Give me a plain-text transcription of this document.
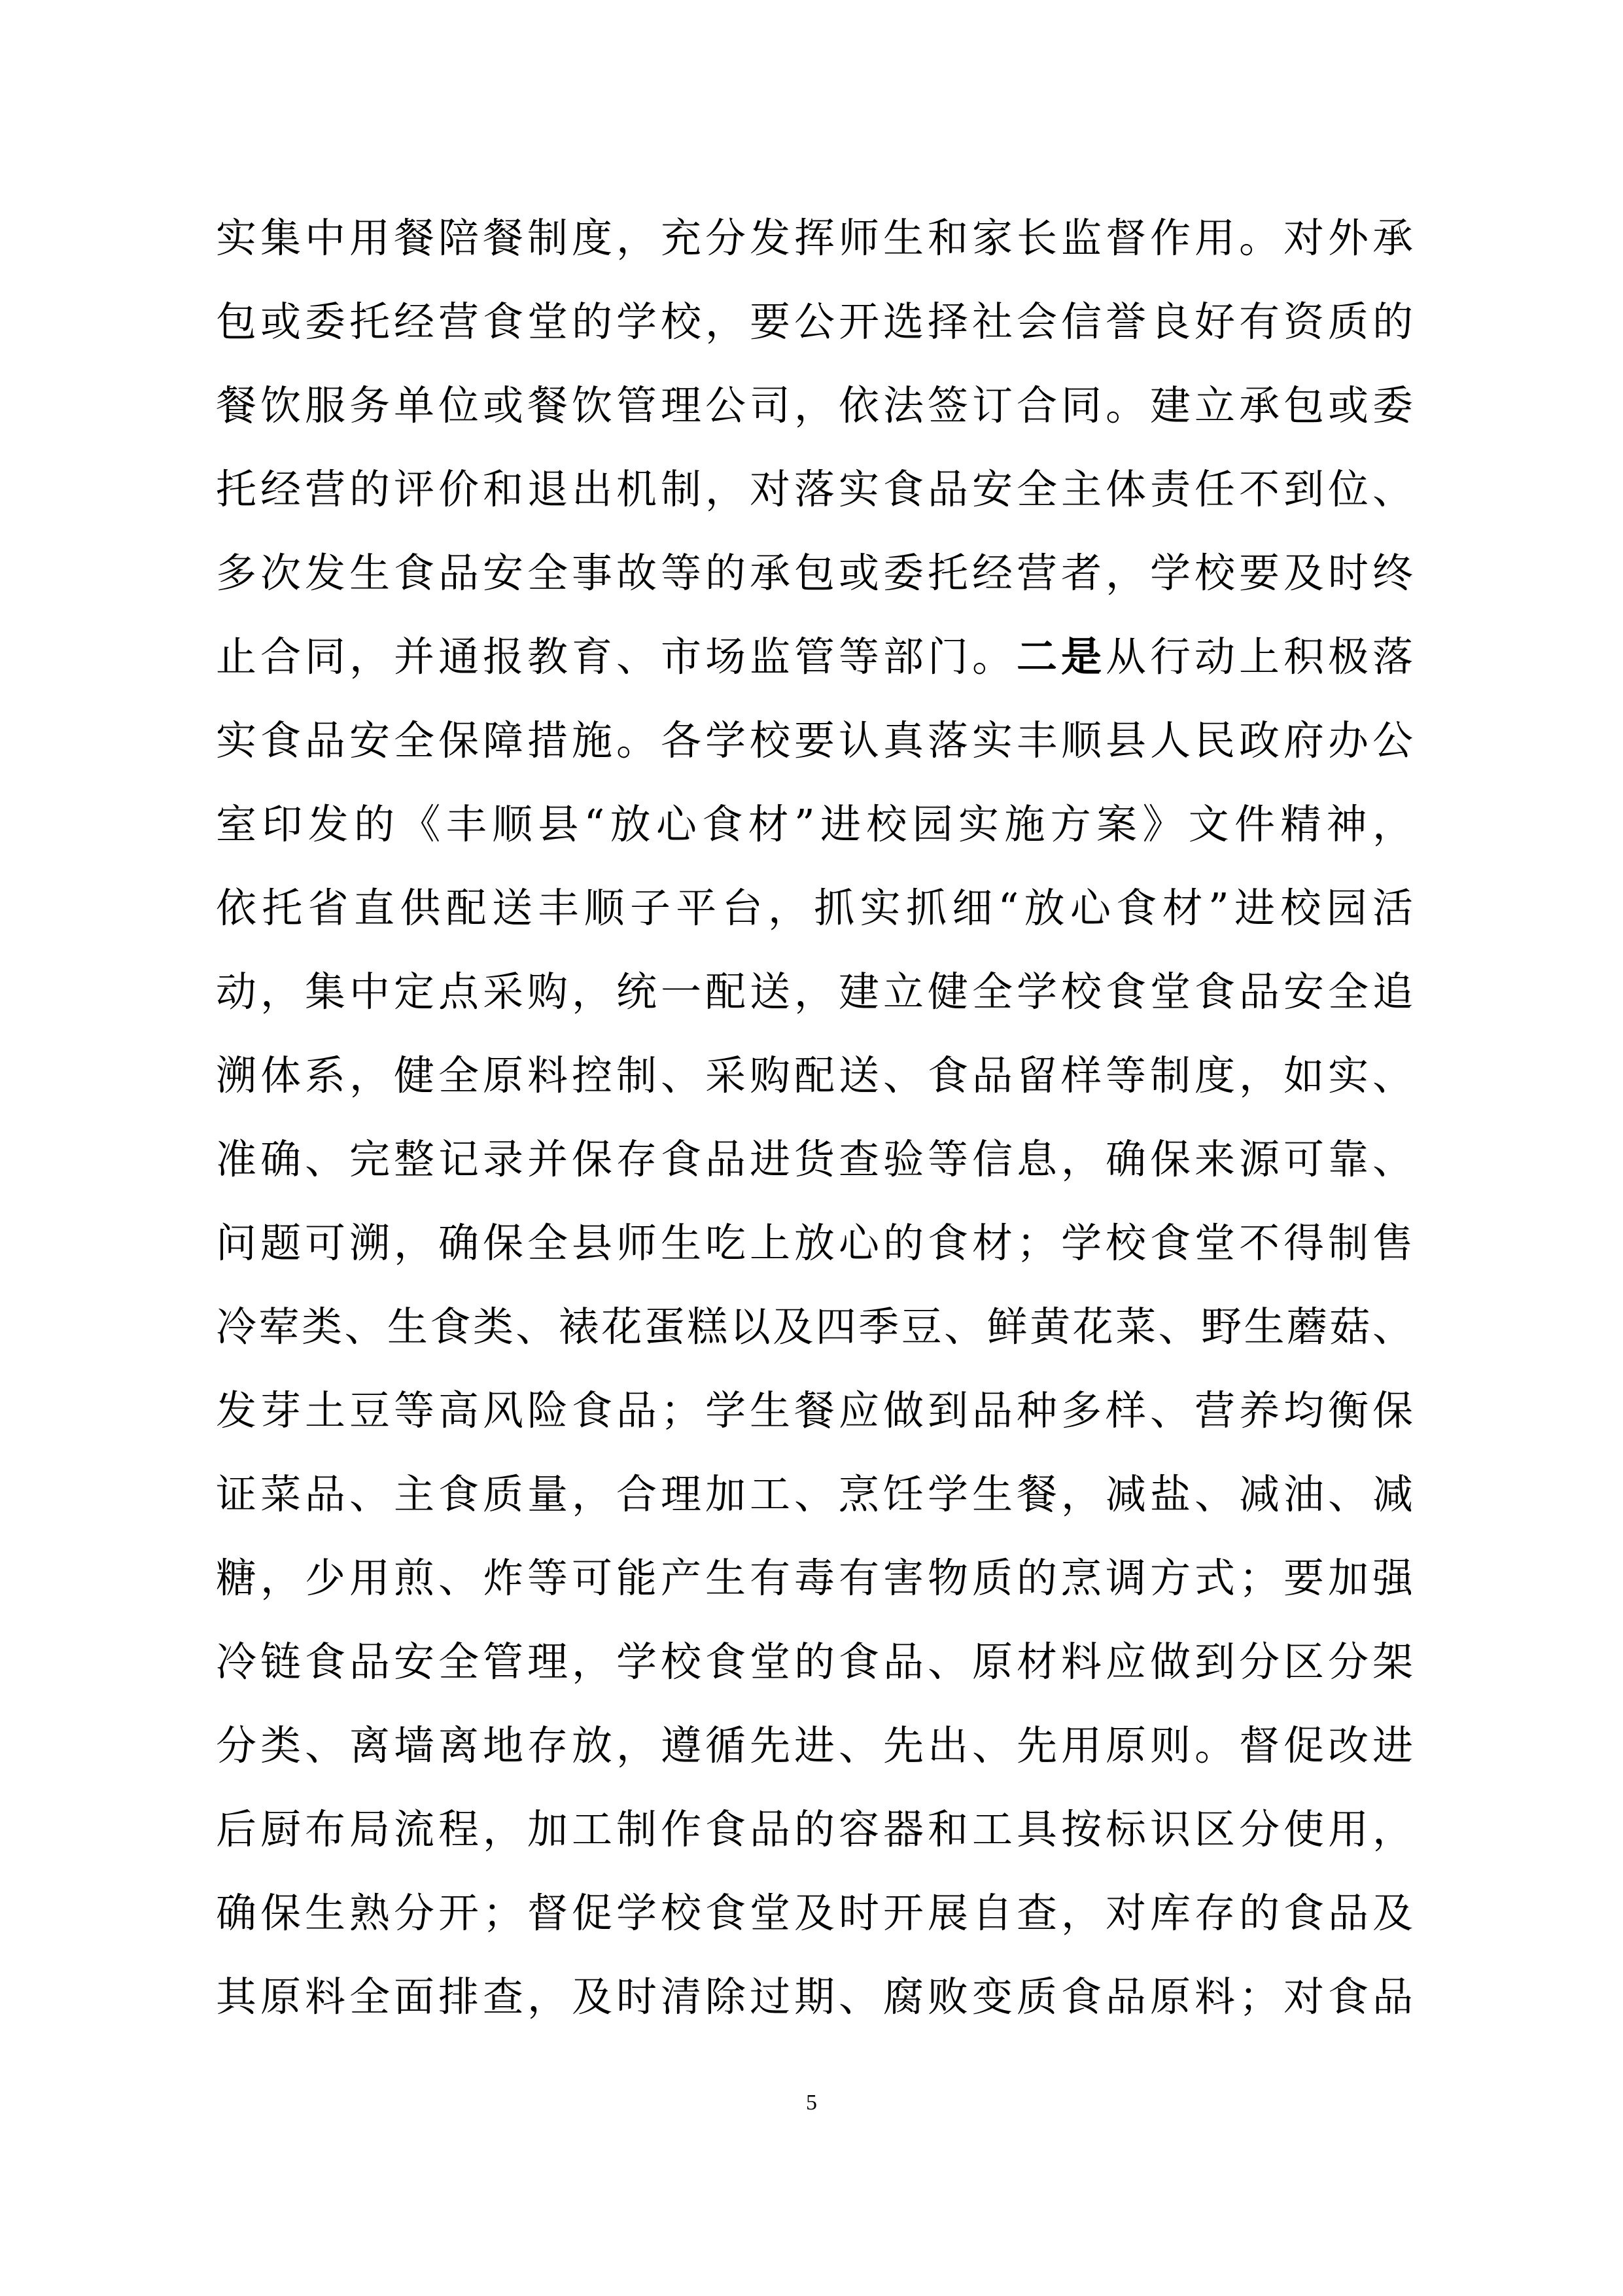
实集中用餐陪餐制度，充分发挥师生和家长监督作用。对外承
包或委托经营食堂的学校，要公开选择社会信誉良好有资质的
餐饮服务单位或餐饮管理公司，依法签订合同。建立承包或委
托经营的评价和退出机制，对落实食品安全主体责任不到位、
多次发生食品安全事故等的承包或委托经营者，学校要及时终
止合同，并通报教育、市场监管等部门。二是从行动上积极落
实食品安全保障措施。各学校要认真落实丰顺县人民政府办公
室印发的《丰顺县“放心食材”进校园实施方案》文件精神，
依托省直供配送丰顺子平台，抓实抓细“放心食材”进校园活
动，集中定点采购，统一配送，建立健全学校食堂食品安全追
溯体系，健全原料控制、采购配送、食品留样等制度，如实、
准确、完整记录并保存食品进货查验等信息，确保来源可靠、
问题可溯，确保全县师生吃上放心的食材；学校食堂不得制售
冷荤类、生食类、裱花蛋糕以及四季豆、鲜黄花菜、野生蘑菇、
发芽土豆等高风险食品；学生餐应做到品种多样、营养均衡保
证菜品、主食质量，合理加工、烹饪学生餐，减盐、减油、减
糖，少用煎、炸等可能产生有毒有害物质的烹调方式；要加强
冷链食品安全管理，学校食堂的食品、原材料应做到分区分架
分类、离墙离地存放，遵循先进、先出、先用原则。督促改进
后厨布局流程，加工制作食品的容器和工具按标识区分使用，
确保生熟分开；督促学校食堂及时开展自查，对库存的食品及
其原料全面排查，及时清除过期、腐败变质食品原料；对食品
5
